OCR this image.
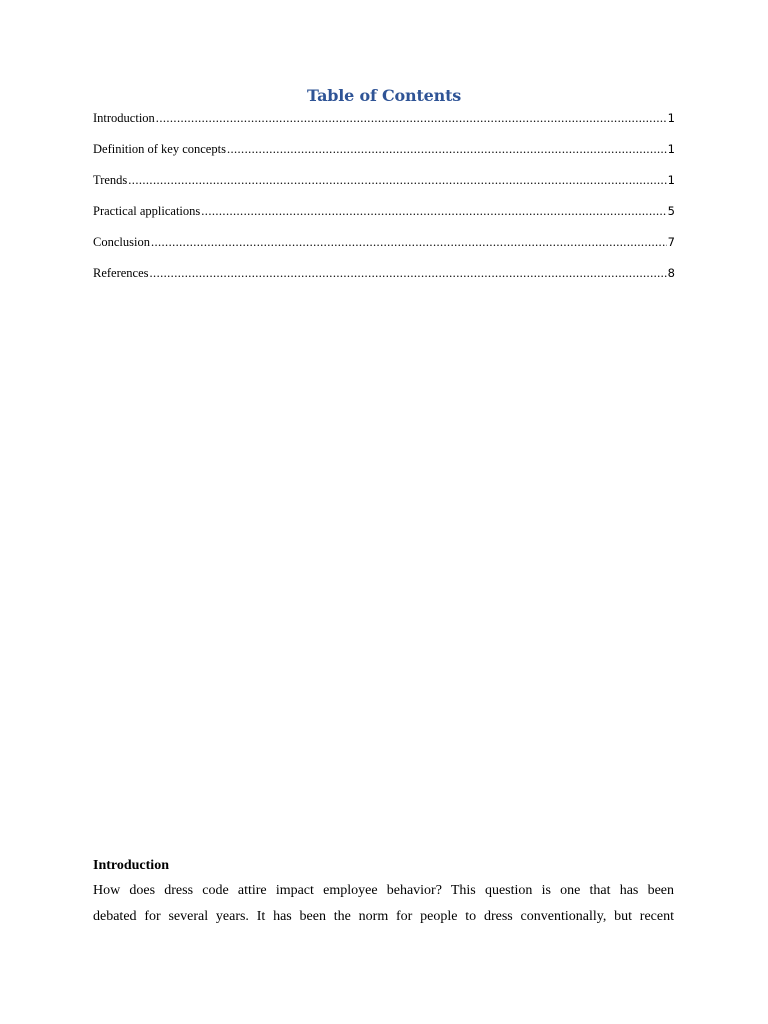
Table of Contents
Introduction .....	1
Definition of key concepts .....	1
Trends .....	1
Practical applications .....	5
Conclusion .....	7
References .....	8
Introduction
How does dress code attire impact employee behavior? This question is one that has been
debated for several years. It has been the norm for people to dress conventionally, but recent
